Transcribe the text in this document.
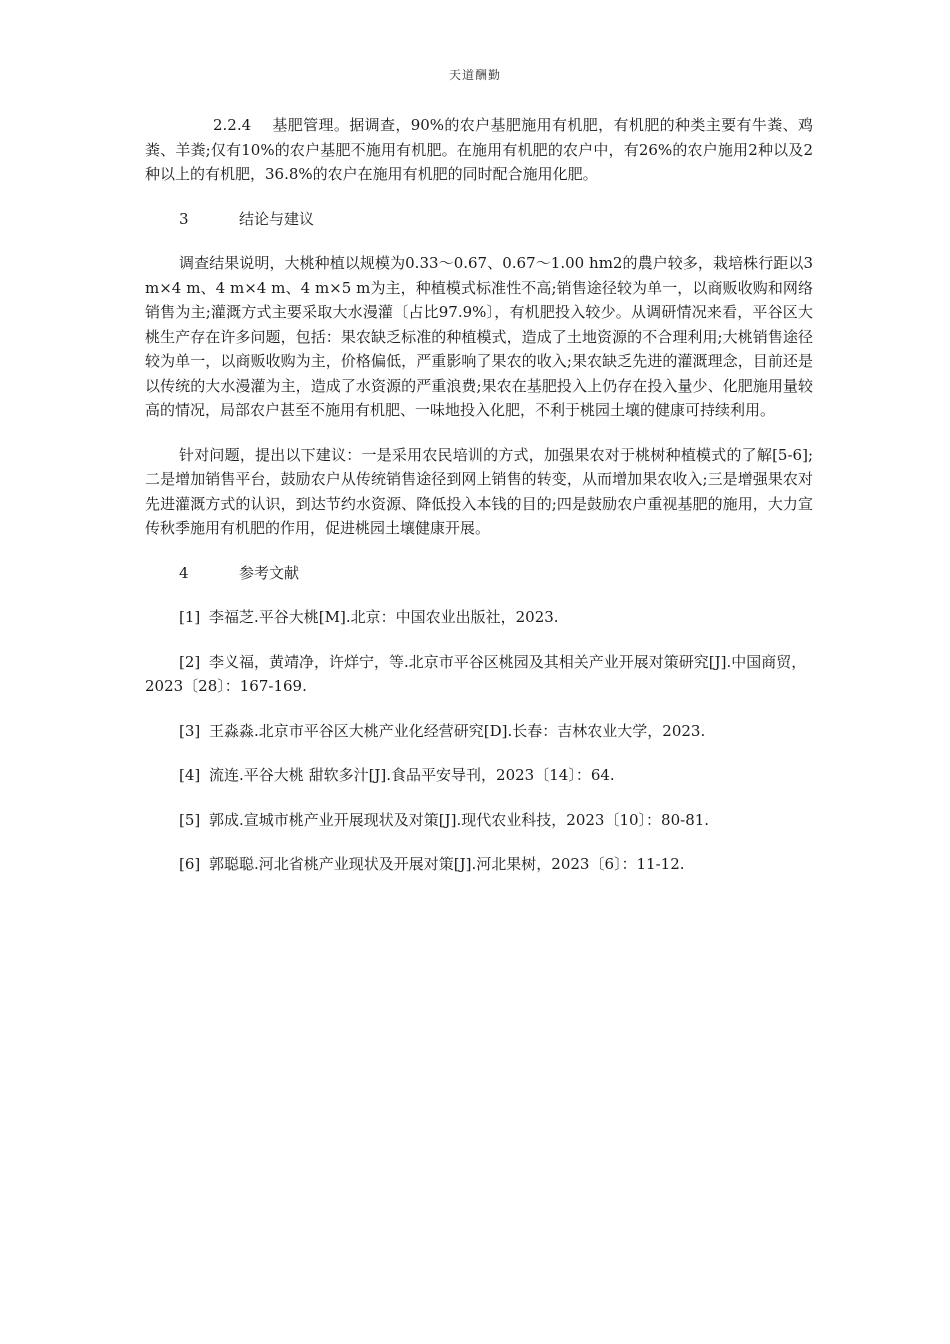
天道酬勤

2.2.4 基肥管理。据调查，90%的农户基肥施用有机肥，有机肥的种类主要有牛粪、鸡粪、羊粪;仅有10%的农户基肥不施用有机肥。在施用有机肥的农户中，有26%的农户施用2种以及2种以上的有机肥，36.8%的农户在施用有机肥的同时配合施用化肥。

3	结论与建议

调查结果说明，大桃种植以规模为0.33～0.67、0.67～1.00 hm2的農户较多，栽培株行距以3 m×4 m、4 m×4 m、4 m×5 m为主，种植模式标准性不高;销售途径较为单一，以商贩收购和网络销售为主;灌溉方式主要采取大水漫灌〔占比97.9%〕，有机肥投入较少。从调研情况来看，平谷区大桃生产存在许多问题，包括：果农缺乏标准的种植模式，造成了土地资源的不合理利用;大桃销售途径较为单一，以商贩收购为主，价格偏低，严重影响了果农的收入;果农缺乏先进的灌溉理念，目前还是以传统的大水漫灌为主，造成了水资源的严重浪费;果农在基肥投入上仍存在投入量少、化肥施用量较高的情况，局部农户甚至不施用有机肥、一味地投入化肥，不利于桃园土壤的健康可持续利用。

针对问题，提出以下建议：一是采用农民培训的方式，加强果农对于桃树种植模式的了解[5-6];二是增加销售平台，鼓励农户从传统销售途径到网上销售的转变，从而增加果农收入;三是增强果农对先进灌溉方式的认识，到达节约水资源、降低投入本钱的目的;四是鼓励农户重视基肥的施用，大力宣传秋季施用有机肥的作用，促进桃园土壤健康开展。

4	参考文献

[1] 李福芝.平谷大桃[M].北京：中国农业出版社，2023.

[2] 李义福，黄靖净，许烊宁，等.北京市平谷区桃园及其相关产业开展对策研究[J].中国商贸，2023〔28〕：167-169.

[3] 王淼淼.北京市平谷区大桃产业化经营研究[D].长春：吉林农业大学，2023.

[4] 流连.平谷大桃 甜软多汁[J].食品平安导刊，2023〔14〕：64.

[5] 郭成.宣城市桃产业开展现状及对策[J].现代农业科技，2023〔10〕：80-81.

[6] 郭聪聪.河北省桃产业现状及开展对策[J].河北果树，2023〔6〕：11-12.
